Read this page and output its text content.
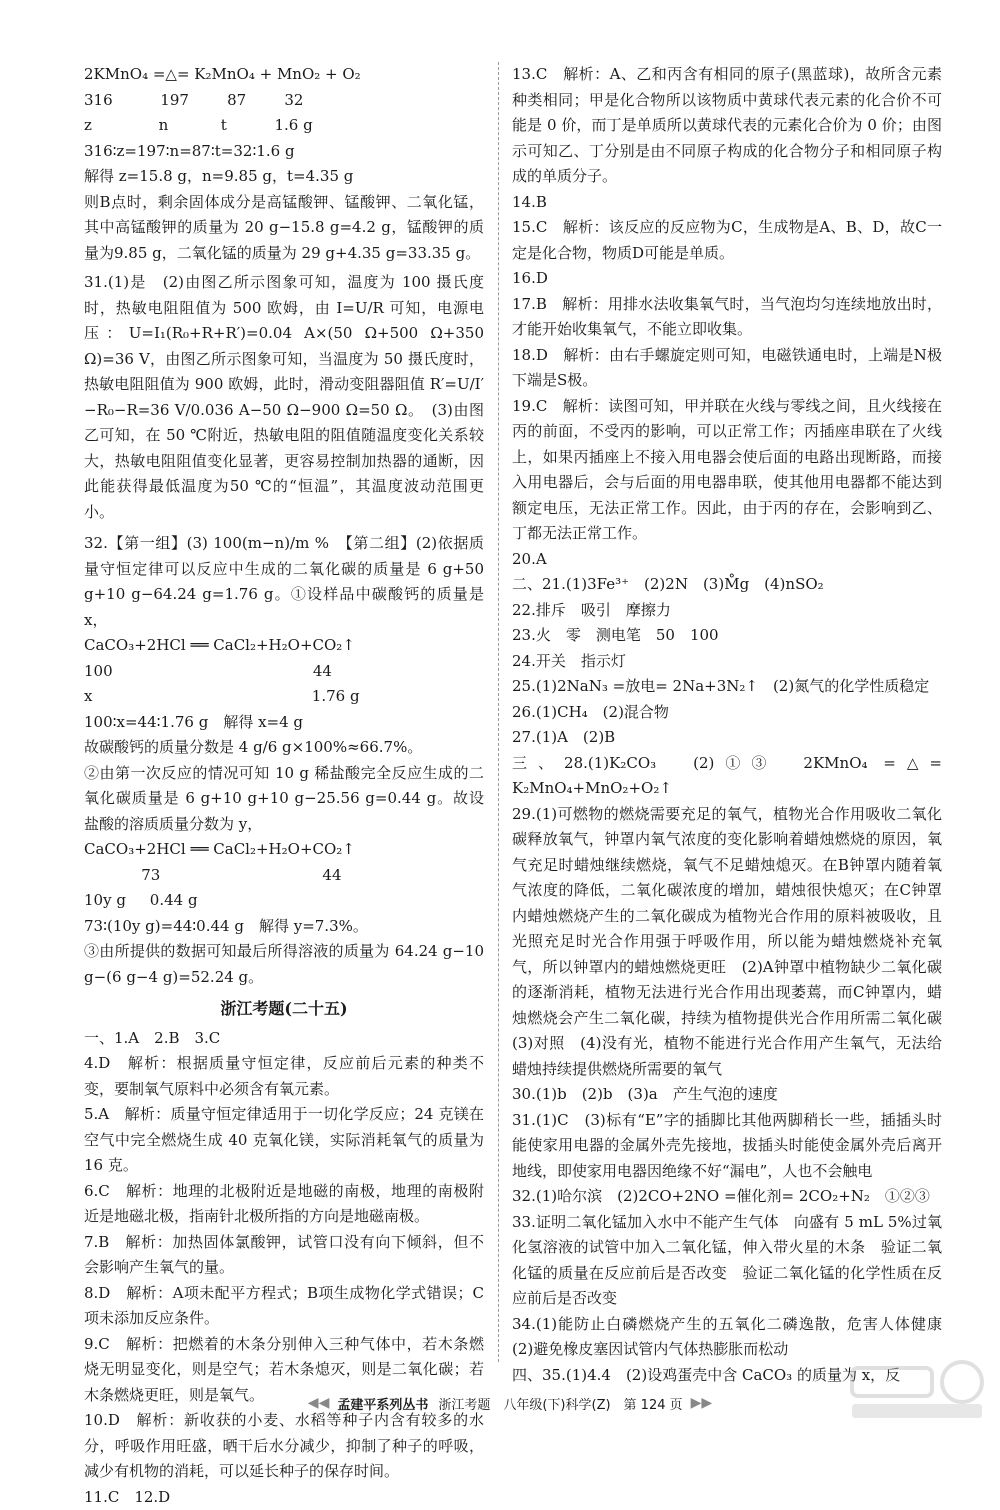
2KMnO₄ =△= K₂MnO₄ + MnO₂ + O₂

316          197        87        32

z              n           t          1.6 g

316∶z=197∶n=87∶t=32∶1.6 g

解得 z=15.8 g，n=9.85 g，t=4.35 g

则B点时，剩余固体成分是高锰酸钾、锰酸钾、二氧化锰，其中高锰酸钾的质量为 20 g−15.8 g=4.2 g，锰酸钾的质量为9.85 g，二氧化锰的质量为 29 g+4.35 g=33.35 g。

31.(1)是　(2)由图乙所示图象可知，温度为 100 摄氏度时，热敏电阻阻值为 500 欧姆，由 I=U/R 可知，电源电压：U=I₁(R₀+R+R′)=0.04 A×(50 Ω+500 Ω+350 Ω)=36 V，由图乙所示图象可知，当温度为 50 摄氏度时，热敏电阻阻值为 900 欧姆，此时，滑动变阻器阻值 R′=U/I′−R₀−R=36 V/0.036 A−50 Ω−900 Ω=50 Ω。　(3)由图乙可知，在 50 ℃附近，热敏电阻的阻值随温度变化关系较大，热敏电阻阻值变化显著，更容易控制加热器的通断，因此能获得最低温度为50 ℃的“恒温”，其温度波动范围更小。

32.【第一组】(3) 100(m−n)/m %　【第二组】(2)依据质量守恒定律可以反应中生成的二氧化碳的质量是 6 g+50 g+10 g−64.24 g=1.76 g。①设样品中碳酸钙的质量是 x，

CaCO₃+2HCl ══ CaCl₂+H₂O+CO₂↑

100                                          44

x                                              1.76 g

100∶x=44∶1.76 g　解得 x=4 g

故碳酸钙的质量分数是 4 g/6 g×100%≈66.7%。

②由第一次反应的情况可知 10 g 稀盐酸完全反应生成的二氧化碳质量是 6 g+10 g+10 g−25.56 g=0.44 g。故设盐酸的溶质质量分数为 y，

CaCO₃+2HCl ══ CaCl₂+H₂O+CO₂↑

73                                  44

10y g     0.44 g

73∶(10y g)=44∶0.44 g　解得 y=7.3%。

③由所提供的数据可知最后所得溶液的质量为 64.24 g−10 g−(6 g−4 g)=52.24 g。

浙江考题(二十五)

一、1.A　2.B　3.C

4.D　解析：根据质量守恒定律，反应前后元素的种类不变，要制氧气原料中必须含有氧元素。

5.A　解析：质量守恒定律适用于一切化学反应；24 克镁在空气中完全燃烧生成 40 克氧化镁，实际消耗氧气的质量为 16 克。

6.C　解析：地理的北极附近是地磁的南极，地理的南极附近是地磁北极，指南针北极所指的方向是地磁南极。

7.B　解析：加热固体氯酸钾，试管口没有向下倾斜，但不会影响产生氧气的量。

8.D　解析：A项未配平方程式；B项生成物化学式错误；C项未添加反应条件。

9.C　解析：把燃着的木条分别伸入三种气体中，若木条燃烧无明显变化，则是空气；若木条熄灭，则是二氧化碳；若木条燃烧更旺，则是氧气。

10.D　解析：新收获的小麦、水稻等种子内含有较多的水分，呼吸作用旺盛，晒干后水分减少，抑制了种子的呼吸，减少有机物的消耗，可以延长种子的保存时间。

11.C　12.D

13.C　解析：A、乙和丙含有相同的原子(黑蓝球)，故所含元素种类相同；甲是化合物所以该物质中黄球代表元素的化合价不可能是 0 价，而丁是单质所以黄球代表的元素化合价为 0 价；由图示可知乙、丁分别是由不同原子构成的化合物分子和相同原子构成的单质分子。

14.B

15.C　解析：该反应的反应物为C，生成物是A、B、D，故C一定是化合物，物质D可能是单质。

16.D

17.B　解析：用排水法收集氧气时，当气泡均匀连续地放出时，才能开始收集氧气，不能立即收集。

18.D　解析：由右手螺旋定则可知，电磁铁通电时，上端是N极下端是S极。

19.C　解析：读图可知，甲并联在火线与零线之间，且火线接在丙的前面，不受丙的影响，可以正常工作；丙插座串联在了火线上，如果丙插座上不接入用电器会使后面的电路出现断路，而接入用电器后，会与后面的用电器串联，使其他用电器都不能达到额定电压，无法正常工作。因此，由于丙的存在，会影响到乙、丁都无法正常工作。

20.A

二、21.(1)3Fe³⁺　(2)2N　(3)M̊g　(4)nSO₂

22.排斥　吸引　摩擦力

23.火　零　测电笔　50　100

24.开关　指示灯

25.(1)2NaN₃ =放电= 2Na+3N₂↑　(2)氮气的化学性质稳定

26.(1)CH₄　(2)混合物

27.(1)A　(2)B

三、28.(1)K₂CO₃　(2)①③　2KMnO₄ =△= K₂MnO₄+MnO₂+O₂↑

29.(1)可燃物的燃烧需要充足的氧气，植物光合作用吸收二氧化碳释放氧气，钟罩内氧气浓度的变化影响着蜡烛燃烧的原因，氧气充足时蜡烛继续燃烧，氧气不足蜡烛熄灭。在B钟罩内随着氧气浓度的降低，二氧化碳浓度的增加，蜡烛很快熄灭；在C钟罩内蜡烛燃烧产生的二氧化碳成为植物光合作用的原料被吸收，且光照充足时光合作用强于呼吸作用，所以能为蜡烛燃烧补充氧气，所以钟罩内的蜡烛燃烧更旺　(2)A钟罩中植物缺少二氧化碳的逐渐消耗，植物无法进行光合作用出现萎蔫，而C钟罩内，蜡烛燃烧会产生二氧化碳，持续为植物提供光合作用所需二氧化碳　(3)对照　(4)没有光，植物不能进行光合作用产生氧气，无法给蜡烛持续提供燃烧所需要的氧气

30.(1)b　(2)b　(3)a　产生气泡的速度

31.(1)C　(3)标有“E”字的插脚比其他两脚稍长一些，插插头时能使家用电器的金属外壳先接地，拔插头时能使金属外壳后离开地线，即使家用电器因绝缘不好“漏电”，人也不会触电

32.(1)哈尔滨　(2)2CO+2NO =催化剂= 2CO₂+N₂　①②③

33.证明二氧化锰加入水中不能产生气体　向盛有 5 mL 5%过氧化氢溶液的试管中加入二氧化锰，伸入带火星的木条　验证二氧化锰的质量在反应前后是否改变　验证二氧化锰的化学性质在反应前后是否改变

34.(1)能防止白磷燃烧产生的五氧化二磷逸散，危害人体健康　(2)避免橡皮塞因试管内气体热膨胀而松动

四、35.(1)4.4　(2)设鸡蛋壳中含 CaCO₃ 的质量为 x，反

◀◀ 孟建平系列丛书 浙江考题　八年级(下)科学(Z)　第 124 页 ▶▶
